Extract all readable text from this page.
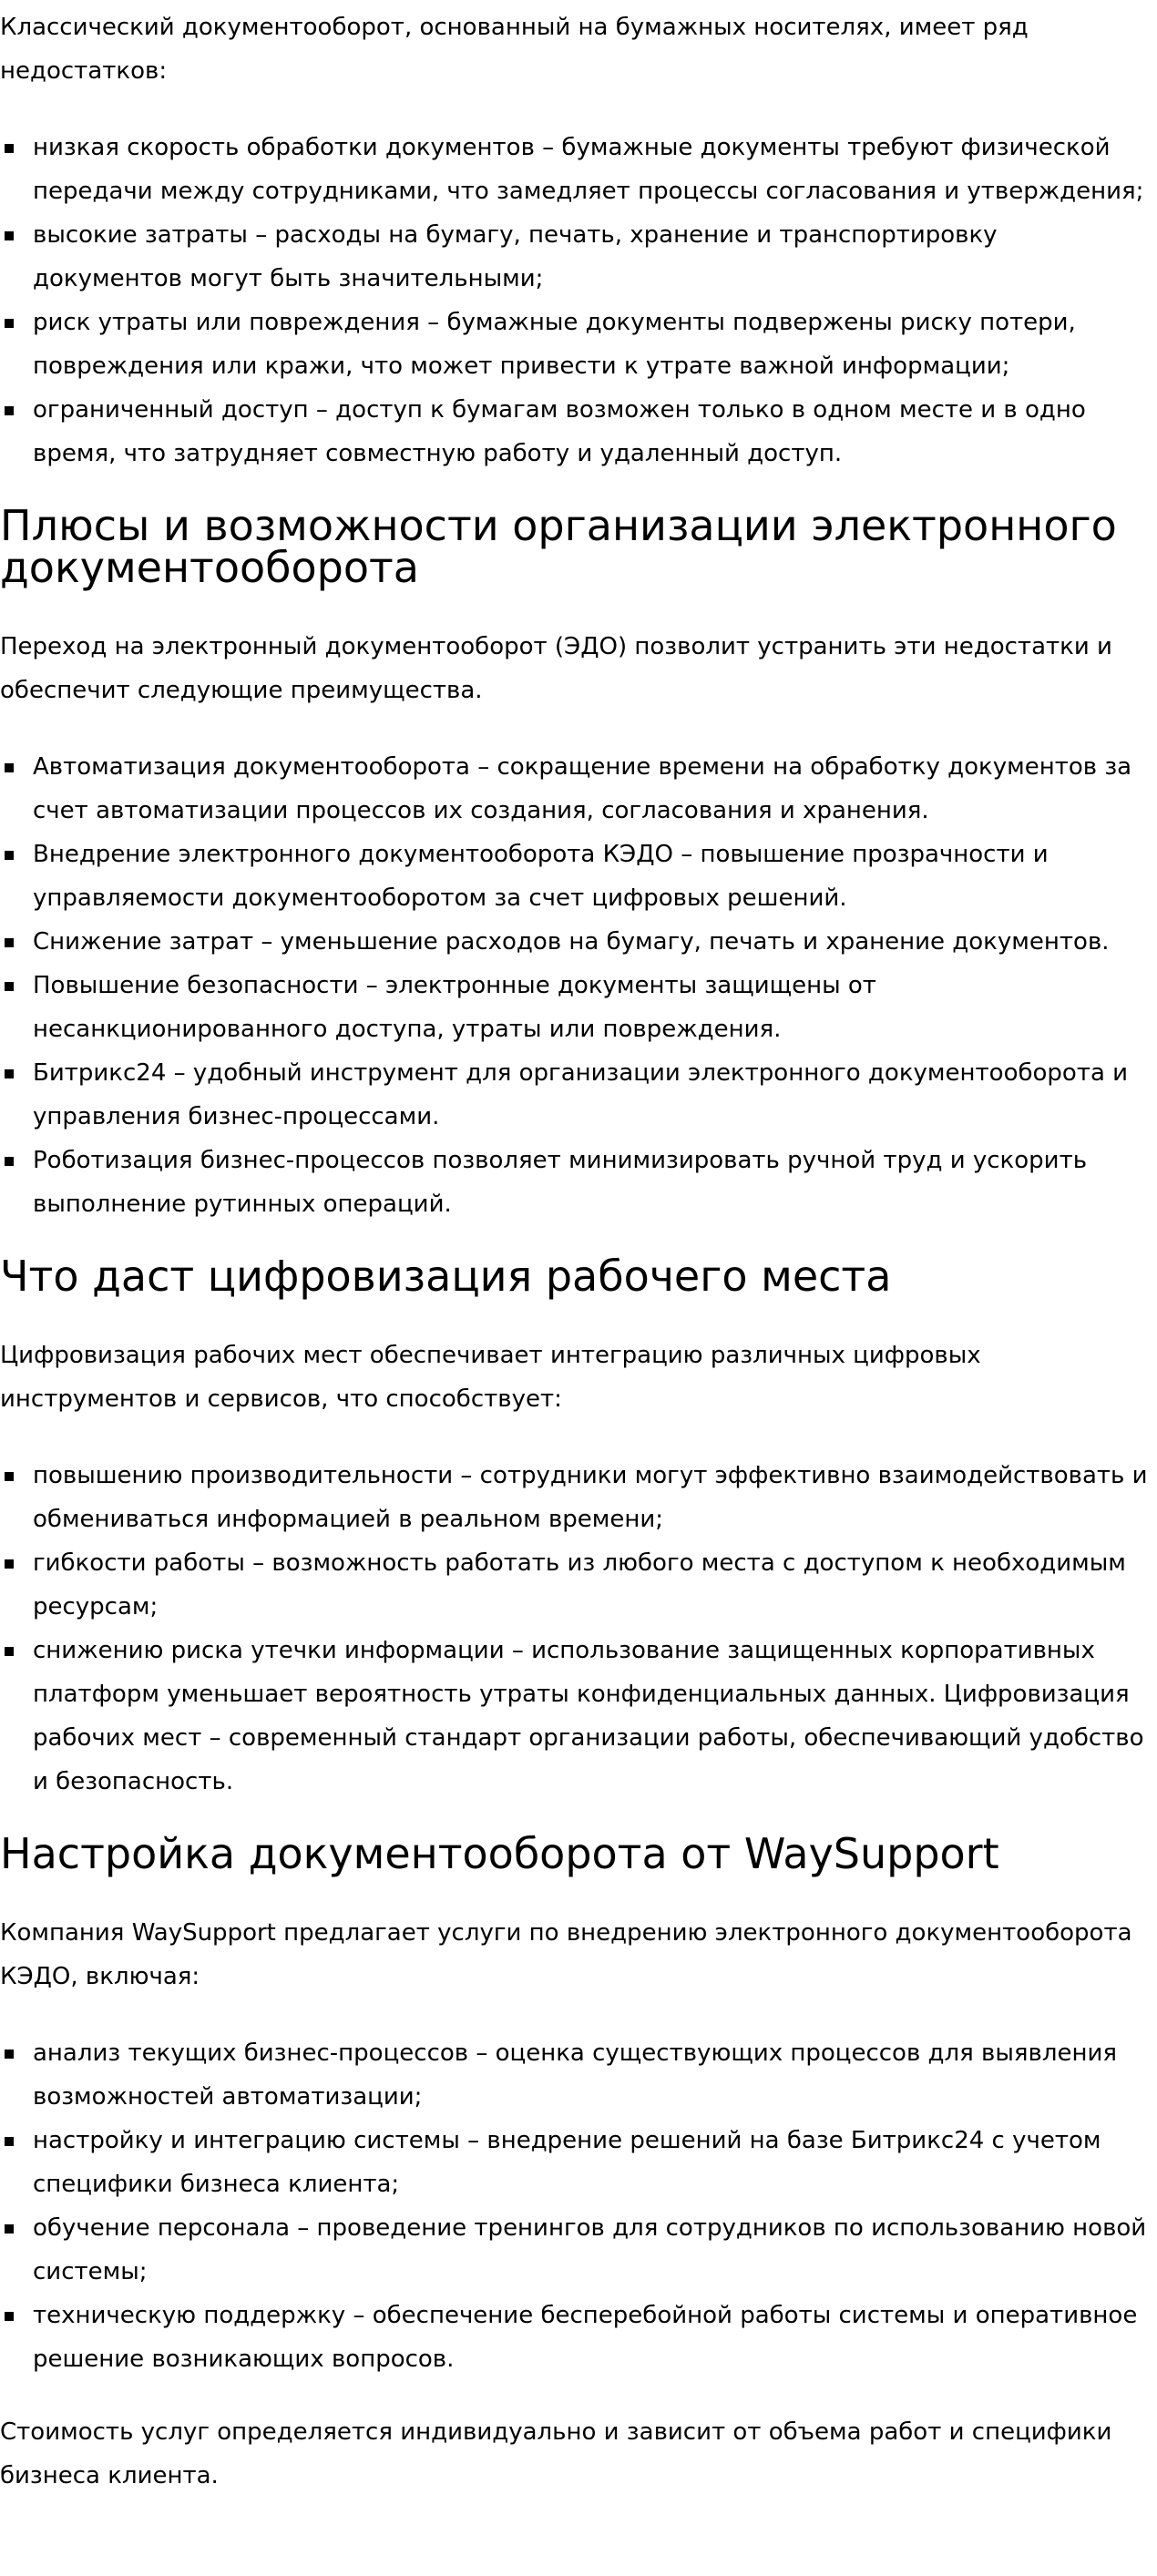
Классический документооборот, основанный на бумажных носителях, имеет ряд недостатков:

низкая скорость обработки документов – бумажные документы требуют физической передачи между сотрудниками, что замедляет процессы согласования и утверждения;
высокие затраты – расходы на бумагу, печать, хранение и транспортировку документов могут быть значительными;
риск утраты или повреждения – бумажные документы подвержены риску потери, повреждения или кражи, что может привести к утрате важной информации;
ограниченный доступ – доступ к бумагам возможен только в одном месте и в одно время, что затрудняет совместную работу и удаленный доступ.
Плюсы и возможности организации электронного документооборота

Переход на электронный документооборот (ЭДО) позволит устранить эти недостатки и обеспечит следующие преимущества.

Автоматизация документооборота – сокращение времени на обработку документов за счет автоматизации процессов их создания, согласования и хранения.
Внедрение электронного документооборота КЭДО – повышение прозрачности и управляемости документооборотом за счет цифровых решений.
Снижение затрат – уменьшение расходов на бумагу, печать и хранение документов.
Повышение безопасности – электронные документы защищены от несанкционированного доступа, утраты или повреждения.
Битрикс24 – удобный инструмент для организации электронного документооборота и управления бизнес-процессами.
Роботизация бизнес-процессов позволяет минимизировать ручной труд и ускорить выполнение рутинных операций.
Что даст цифровизация рабочего места

Цифровизация рабочих мест обеспечивает интеграцию различных цифровых инструментов и сервисов, что способствует:

повышению производительности – сотрудники могут эффективно взаимодействовать и обмениваться информацией в реальном времени;
гибкости работы – возможность работать из любого места с доступом к необходимым ресурсам;
снижению риска утечки информации – использование защищенных корпоративных платформ уменьшает вероятность утраты конфиденциальных данных. Цифровизация рабочих мест – современный стандарт организации работы, обеспечивающий удобство и безопасность.
Настройка документооборота от WaySupport

Компания WaySupport предлагает услуги по внедрению электронного документооборота КЭДО, включая:

анализ текущих бизнес-процессов – оценка существующих процессов для выявления возможностей автоматизации;
настройку и интеграцию системы – внедрение решений на базе Битрикс24 с учетом специфики бизнеса клиента;
обучение персонала – проведение тренингов для сотрудников по использованию новой системы;
техническую поддержку – обеспечение бесперебойной работы системы и оперативное решение возникающих вопросов.

Стоимость услуг определяется индивидуально и зависит от объема работ и специфики бизнеса клиента.
